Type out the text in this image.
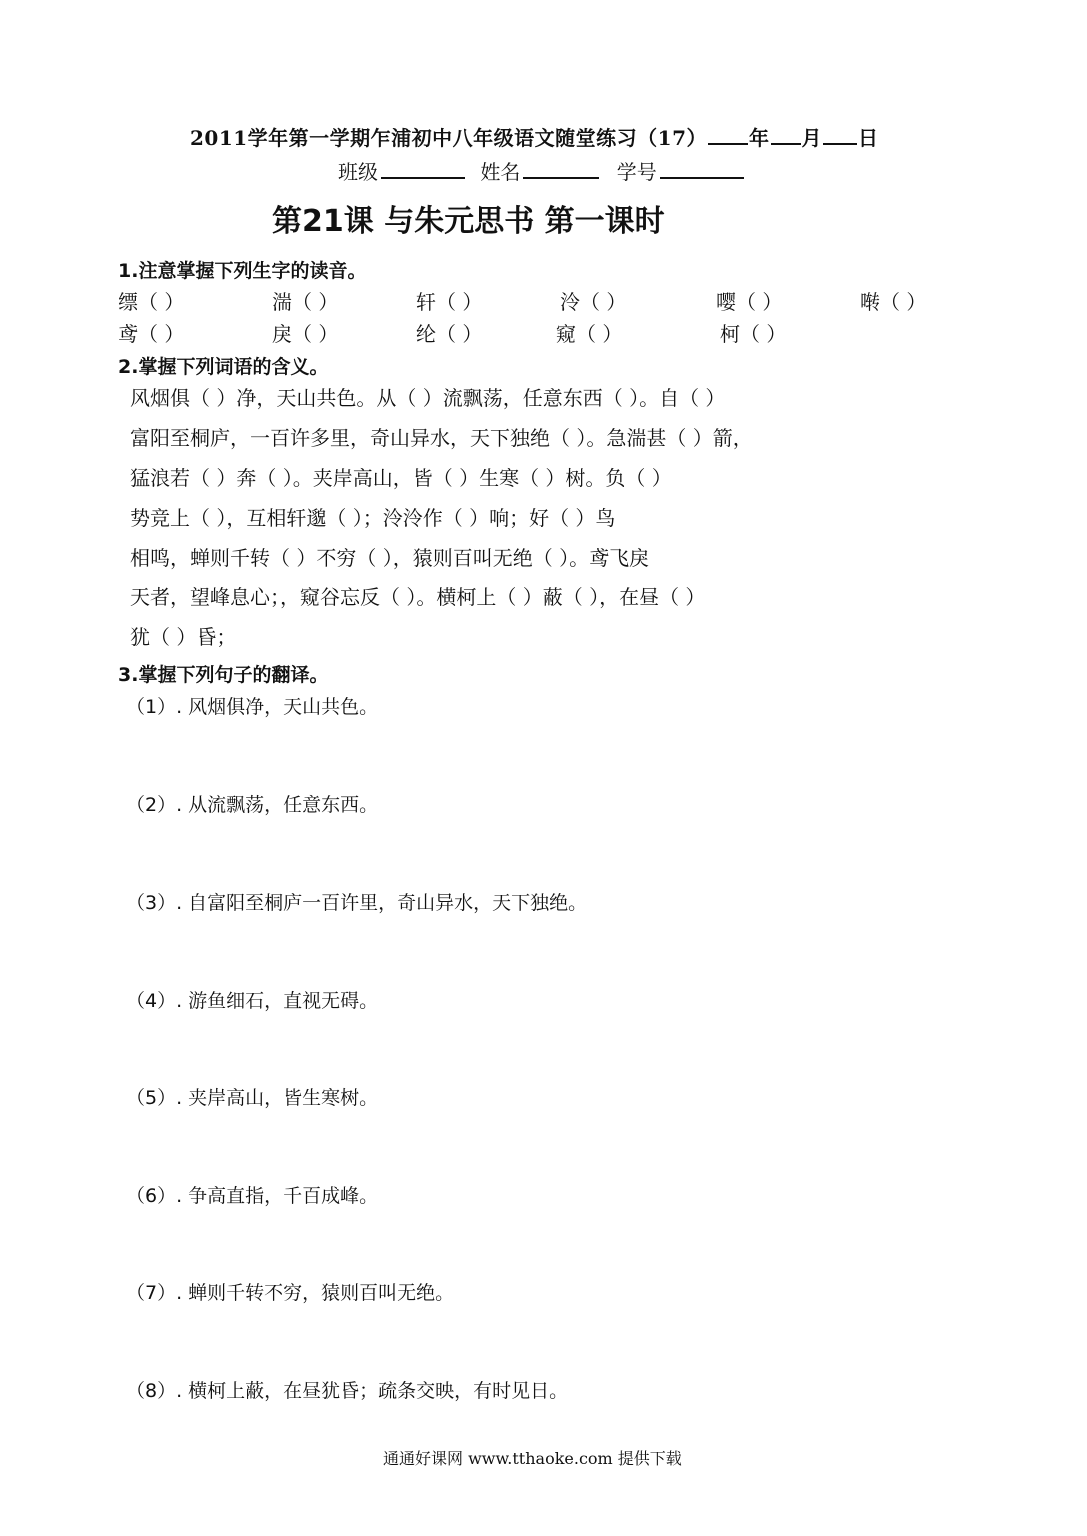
2011学年第一学期乍浦初中八年级语文随堂练习（17） 年 月 日
班级	姓名	学号
第21课 与朱元思书 第一课时
1.注意掌握下列生字的读音。
缥（ ）	湍（ ）	轩（ ）	泠（ ）	嘤（ ）	啭（ ）
鸢（ ）	戾（ ）	纶（ ）	窥（ ）	柯（ ）
2.掌握下列词语的含义。
风烟俱（ ）净，天山共色。从（ ）流飘荡，任意东西（ ）。自（ ）
富阳至桐庐，一百许多里，奇山异水，天下独绝（ ）。急湍甚（ ）箭，
猛浪若（ ）奔（ ）。夹岸高山，皆（ ）生寒（ ）树。负（ ）
势竞上（ ），互相轩邈（ ）；泠泠作（ ）响；好（ ）鸟
相鸣，蝉则千转（ ）不穷（ ），猿则百叫无绝（ ）。鸢飞戾
天者，望峰息心；，窥谷忘反（ ）。横柯上（ ）蔽（ ），在昼（ ）
犹（ ）昏；
3.掌握下列句子的翻译。
（1）. 风烟俱净，天山共色。
（2）. 从流飘荡，任意东西。
（3）. 自富阳至桐庐一百许里，奇山异水，天下独绝。
（4）. 游鱼细石，直视无碍。
（5）. 夹岸高山，皆生寒树。
（6）. 争高直指，千百成峰。
（7）. 蝉则千转不穷，猿则百叫无绝。
（8）. 横柯上蔽，在昼犹昏；疏条交映，有时见日。
通通好课网 www.tthaoke.com 提供下载
